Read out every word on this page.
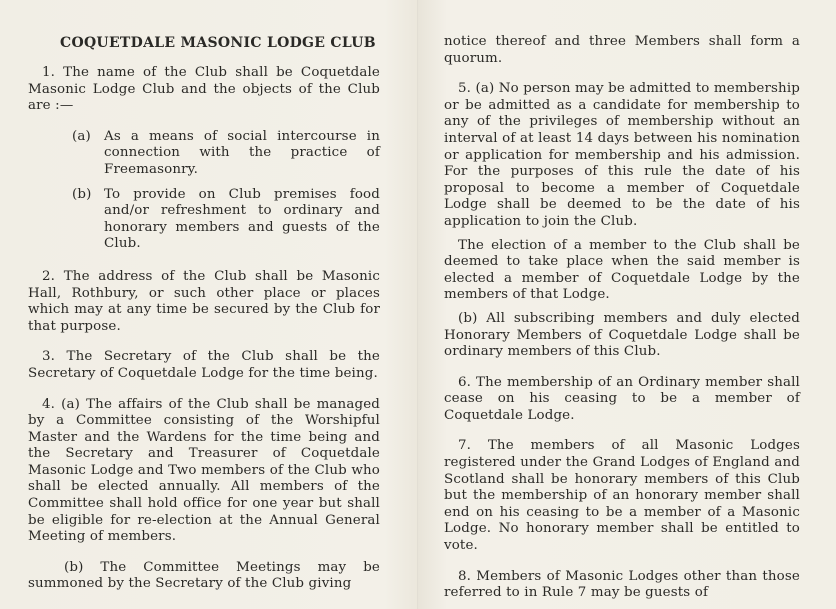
COQUETDALE MASONIC LODGE CLUB

1. The name of the Club shall be Coquetdale Masonic Lodge Club and the objects of the Club are :—

(a) As a means of social intercourse in connection with the practice of Freemasonry.
(b) To provide on Club premises food and/or refreshment to ordinary and honorary members and guests of the Club.

2. The address of the Club shall be Masonic Hall, Rothbury, or such other place or places which may at any time be secured by the Club for that purpose.

3. The Secretary of the Club shall be the Secretary of Coquetdale Lodge for the time being.

4. (a) The affairs of the Club shall be managed by a Committee consisting of the Worshipful Master and the Wardens for the time being and the Secretary and Treasurer of Coquetdale Masonic Lodge and Two members of the Club who shall be elected annually. All members of the Committee shall hold office for one year but shall be eligible for re-election at the Annual General Meeting of members.

(b) The Committee Meetings may be summoned by the Secretary of the Club giving

notice thereof and three Members shall form a quorum.

5. (a) No person may be admitted to membership or be admitted as a candidate for membership to any of the privileges of membership without an interval of at least 14 days between his nomination or application for membership and his admission. For the purposes of this rule the date of his proposal to become a member of Coquetdale Lodge shall be deemed to be the date of his application to join the Club.

The election of a member to the Club shall be deemed to take place when the said member is elected a member of Coquetdale Lodge by the members of that Lodge.

(b) All subscribing members and duly elected Honorary Members of Coquetdale Lodge shall be ordinary members of this Club.

6. The membership of an Ordinary member shall cease on his ceasing to be a member of Coquetdale Lodge.

7. The members of all Masonic Lodges registered under the Grand Lodges of England and Scotland shall be honorary members of this Club but the membership of an honorary member shall end on his ceasing to be a member of a Masonic Lodge. No honorary member shall be entitled to vote.

8. Members of Masonic Lodges other than those referred to in Rule 7 may be guests of
